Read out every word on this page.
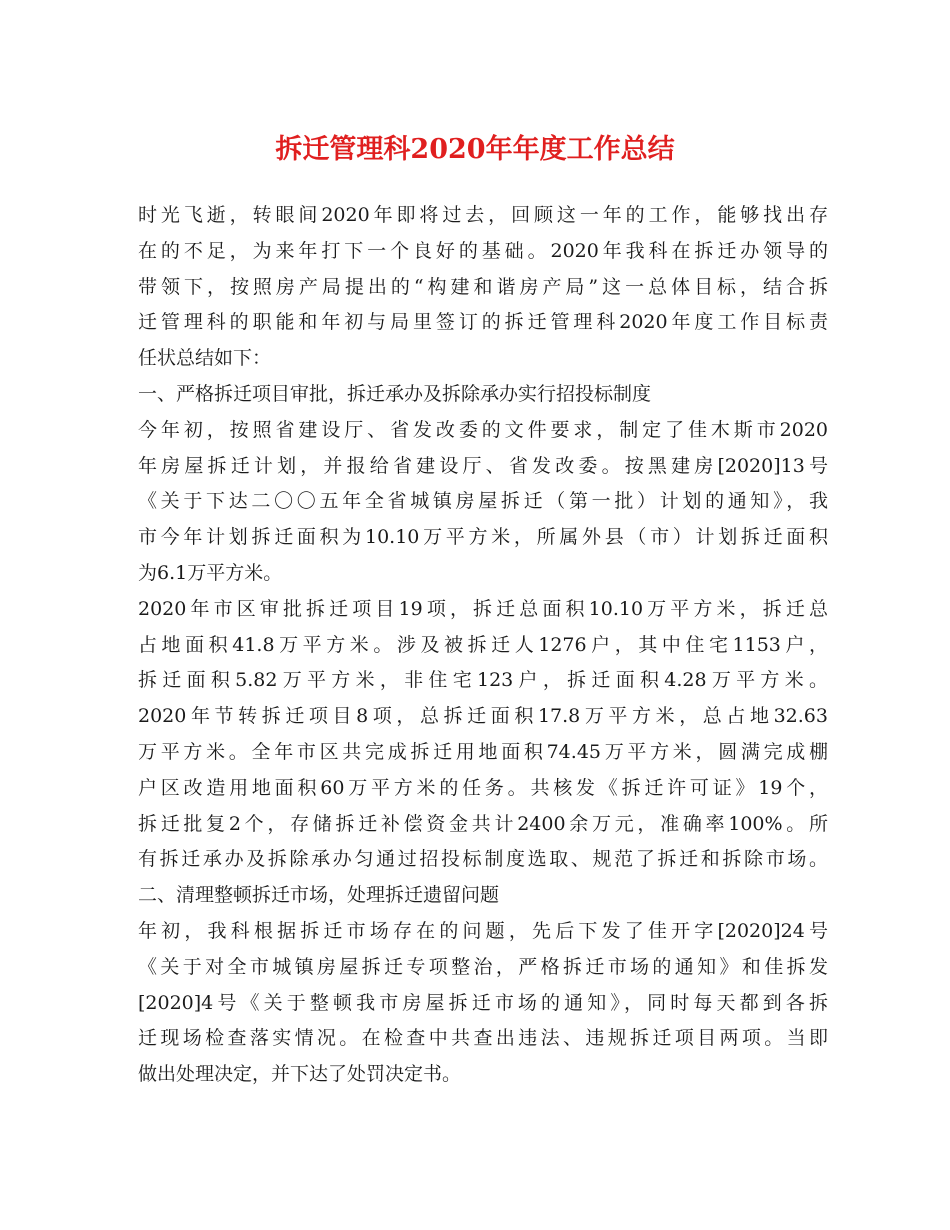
拆迁管理科2020年年度工作总结
时光飞逝，转眼间2020年即将过去，回顾这一年的工作，能够找出存
在的不足，为来年打下一个良好的基础。2020年我科在拆迁办领导的
带领下，按照房产局提出的“构建和谐房产局”这一总体目标，结合拆
迁管理科的职能和年初与局里签订的拆迁管理科2020年度工作目标责
任状总结如下：
一、严格拆迁项目审批，拆迁承办及拆除承办实行招投标制度
今年初，按照省建设厅、省发改委的文件要求，制定了佳木斯市2020
年房屋拆迁计划，并报给省建设厅、省发改委。按黑建房[2020]13号
《关于下达二〇〇五年全省城镇房屋拆迁（第一批）计划的通知》，我
市今年计划拆迁面积为10.10万平方米，所属外县（市）计划拆迁面积
为6.1万平方米。
2020年市区审批拆迁项目19项，拆迁总面积10.10万平方米，拆迁总
占地面积41.8万平方米。涉及被拆迁人1276户，其中住宅1153户，
拆迁面积5.82万平方米，非住宅123户，拆迁面积4.28万平方米。
2020年节转拆迁项目8项，总拆迁面积17.8万平方米，总占地32.63
万平方米。全年市区共完成拆迁用地面积74.45万平方米，圆满完成棚
户区改造用地面积60万平方米的任务。共核发《拆迁许可证》19个，
拆迁批复2个，存储拆迁补偿资金共计2400余万元，准确率100%。所
有拆迁承办及拆除承办匀通过招投标制度选取、规范了拆迁和拆除市场。
二、清理整顿拆迁市场，处理拆迁遗留问题
年初，我科根据拆迁市场存在的问题，先后下发了佳开字[2020]24号
《关于对全市城镇房屋拆迁专项整治，严格拆迁市场的通知》和佳拆发
[2020]4号《关于整顿我市房屋拆迁市场的通知》，同时每天都到各拆
迁现场检查落实情况。在检查中共查出违法、违规拆迁项目两项。当即
做出处理决定，并下达了处罚决定书。
